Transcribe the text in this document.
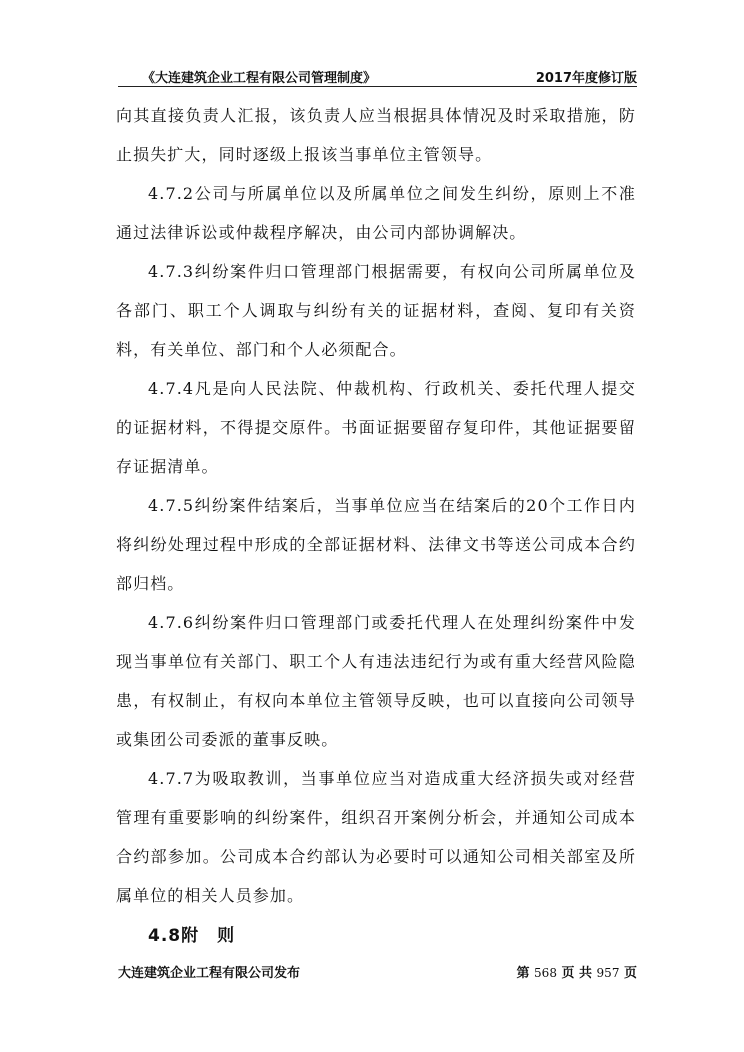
《大连建筑企业工程有限公司管理制度》	2017年度修订版

向其直接负责人汇报，该负责人应当根据具体情况及时采取措施，防止损失扩大，同时逐级上报该当事单位主管领导。

4.7.2公司与所属单位以及所属单位之间发生纠纷，原则上不准通过法律诉讼或仲裁程序解决，由公司内部协调解决。

4.7.3纠纷案件归口管理部门根据需要，有权向公司所属单位及各部门、职工个人调取与纠纷有关的证据材料，查阅、复印有关资料，有关单位、部门和个人必须配合。

4.7.4凡是向人民法院、仲裁机构、行政机关、委托代理人提交的证据材料，不得提交原件。书面证据要留存复印件，其他证据要留存证据清单。

4.7.5纠纷案件结案后，当事单位应当在结案后的20个工作日内将纠纷处理过程中形成的全部证据材料、法律文书等送公司成本合约部归档。

4.7.6纠纷案件归口管理部门或委托代理人在处理纠纷案件中发现当事单位有关部门、职工个人有违法违纪行为或有重大经营风险隐患，有权制止，有权向本单位主管领导反映，也可以直接向公司领导或集团公司委派的董事反映。

4.7.7为吸取教训，当事单位应当对造成重大经济损失或对经营管理有重要影响的纠纷案件，组织召开案例分析会，并通知公司成本合约部参加。公司成本合约部认为必要时可以通知公司相关部室及所属单位的相关人员参加。

4.8附　则
大连建筑企业工程有限公司发布	第 568 页 共 957 页
